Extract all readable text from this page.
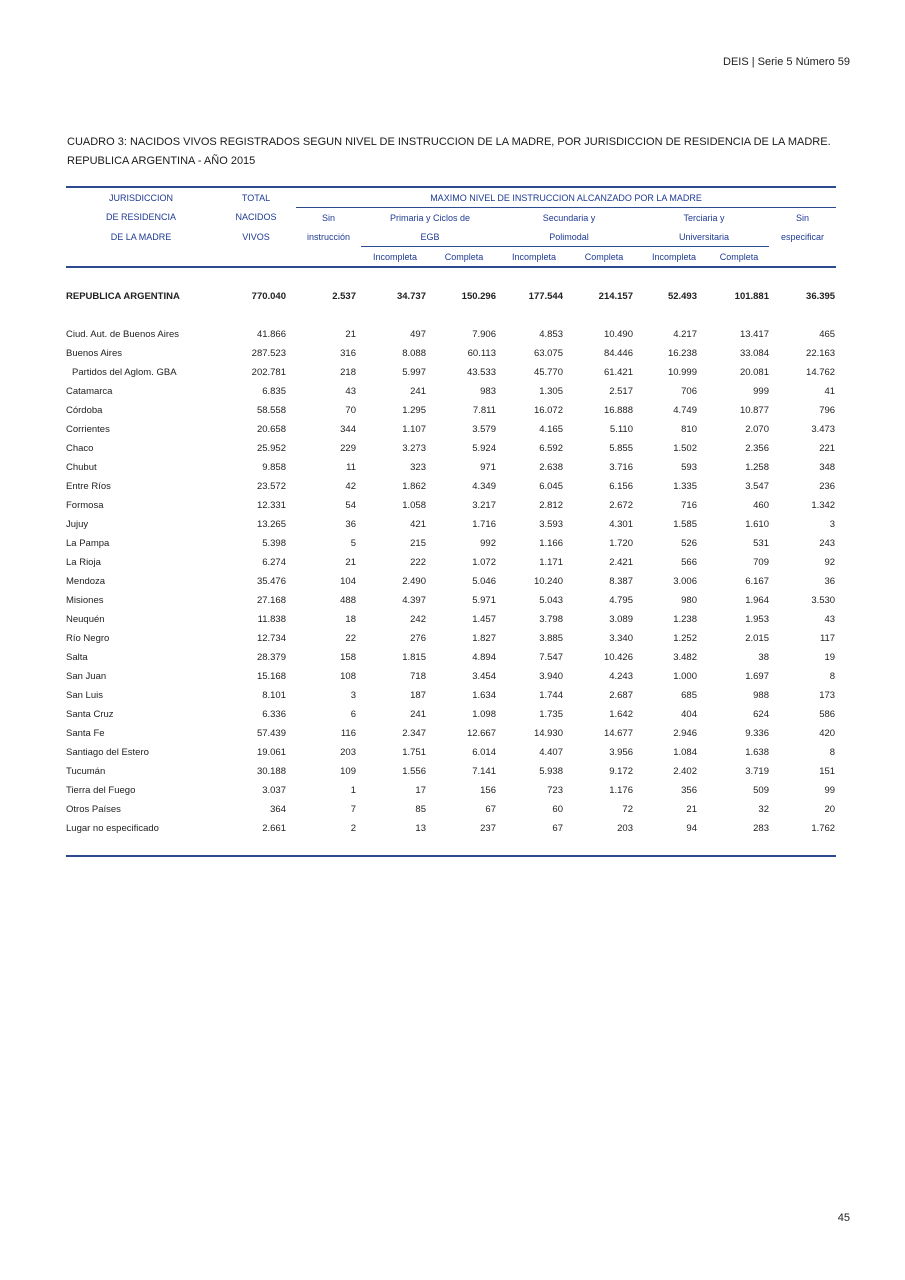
DEIS | Serie 5 Número 59
CUADRO 3: NACIDOS VIVOS REGISTRADOS SEGUN NIVEL DE INSTRUCCION DE LA MADRE, POR JURISDICCION DE RESIDENCIA DE LA MADRE.
REPUBLICA ARGENTINA - AÑO 2015
JURISDICCION	TOTAL	MAXIMO NIVEL DE INSTRUCCION ALCANZADO POR LA MADRE							
DE RESIDENCIA	NACIDOS	Sin	Primaria y Ciclos de		Secundaria y		Terciaria y		Sin
DE LA MADRE	VIVOS	instrucción	EGB		Polimodal		Universitaria		especificar
			Incompleta	Completa	Incompleta	Completa	Incompleta	Completa	

REPUBLICA ARGENTINA	770.040	2.537	34.737	150.296	177.544	214.157	52.493	101.881	36.395

Ciud. Aut. de Buenos Aires	41.866	21	497	7.906	4.853	10.490	4.217	13.417	465
Buenos Aires	287.523	316	8.088	60.113	63.075	84.446	16.238	33.084	22.163
Partidos del Aglom. GBA	202.781	218	5.997	43.533	45.770	61.421	10.999	20.081	14.762
Catamarca	6.835	43	241	983	1.305	2.517	706	999	41
Córdoba	58.558	70	1.295	7.811	16.072	16.888	4.749	10.877	796
Corrientes	20.658	344	1.107	3.579	4.165	5.110	810	2.070	3.473
Chaco	25.952	229	3.273	5.924	6.592	5.855	1.502	2.356	221
Chubut	9.858	11	323	971	2.638	3.716	593	1.258	348
Entre Ríos	23.572	42	1.862	4.349	6.045	6.156	1.335	3.547	236
Formosa	12.331	54	1.058	3.217	2.812	2.672	716	460	1.342
Jujuy	13.265	36	421	1.716	3.593	4.301	1.585	1.610	3
La Pampa	5.398	5	215	992	1.166	1.720	526	531	243
La Rioja	6.274	21	222	1.072	1.171	2.421	566	709	92
Mendoza	35.476	104	2.490	5.046	10.240	8.387	3.006	6.167	36
Misiones	27.168	488	4.397	5.971	5.043	4.795	980	1.964	3.530
Neuquén	11.838	18	242	1.457	3.798	3.089	1.238	1.953	43
Río Negro	12.734	22	276	1.827	3.885	3.340	1.252	2.015	117
Salta	28.379	158	1.815	4.894	7.547	10.426	3.482	38	19
San Juan	15.168	108	718	3.454	3.940	4.243	1.000	1.697	8
San Luis	8.101	3	187	1.634	1.744	2.687	685	988	173
Santa Cruz	6.336	6	241	1.098	1.735	1.642	404	624	586
Santa Fe	57.439	116	2.347	12.667	14.930	14.677	2.946	9.336	420
Santiago del Estero	19.061	203	1.751	6.014	4.407	3.956	1.084	1.638	8
Tucumán	30.188	109	1.556	7.141	5.938	9.172	2.402	3.719	151
Tierra del Fuego	3.037	1	17	156	723	1.176	356	509	99
Otros Países	364	7	85	67	60	72	21	32	20
Lugar no especificado	2.661	2	13	237	67	203	94	283	1.762

45
